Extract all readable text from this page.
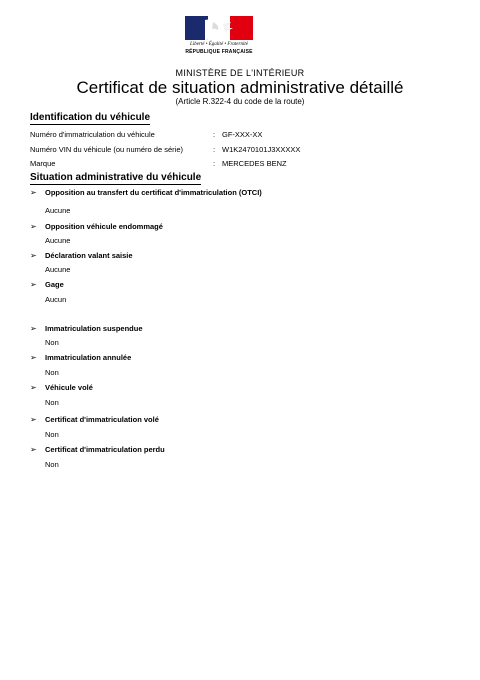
Liberté • Égalité • Fraternité
RÉPUBLIQUE FRANÇAISE
MINISTÈRE DE L'INTÉRIEUR
Certificat de situation administrative détaillé
(Article R.322-4 du code de la route)
Identification du véhicule
Numéro d'immatriculation du véhicule	: GF-XXX-XX
Numéro VIN du véhicule (ou numéro de série)	: W1K2470101J3XXXXX
Marque	: MERCEDES BENZ
Situation administrative du véhicule
➢ Opposition au transfert du certificat d'immatriculation (OTCI)
Aucune
➢ Opposition véhicule endommagé
Aucune
➢ Déclaration valant saisie
Aucune
➢ Gage
Aucun
➢ Immatriculation suspendue
Non
➢ Immatriculation annulée
Non
➢ Véhicule volé
Non
➢ Certificat d'immatriculation volé
Non
➢ Certificat d'immatriculation perdu
Non
